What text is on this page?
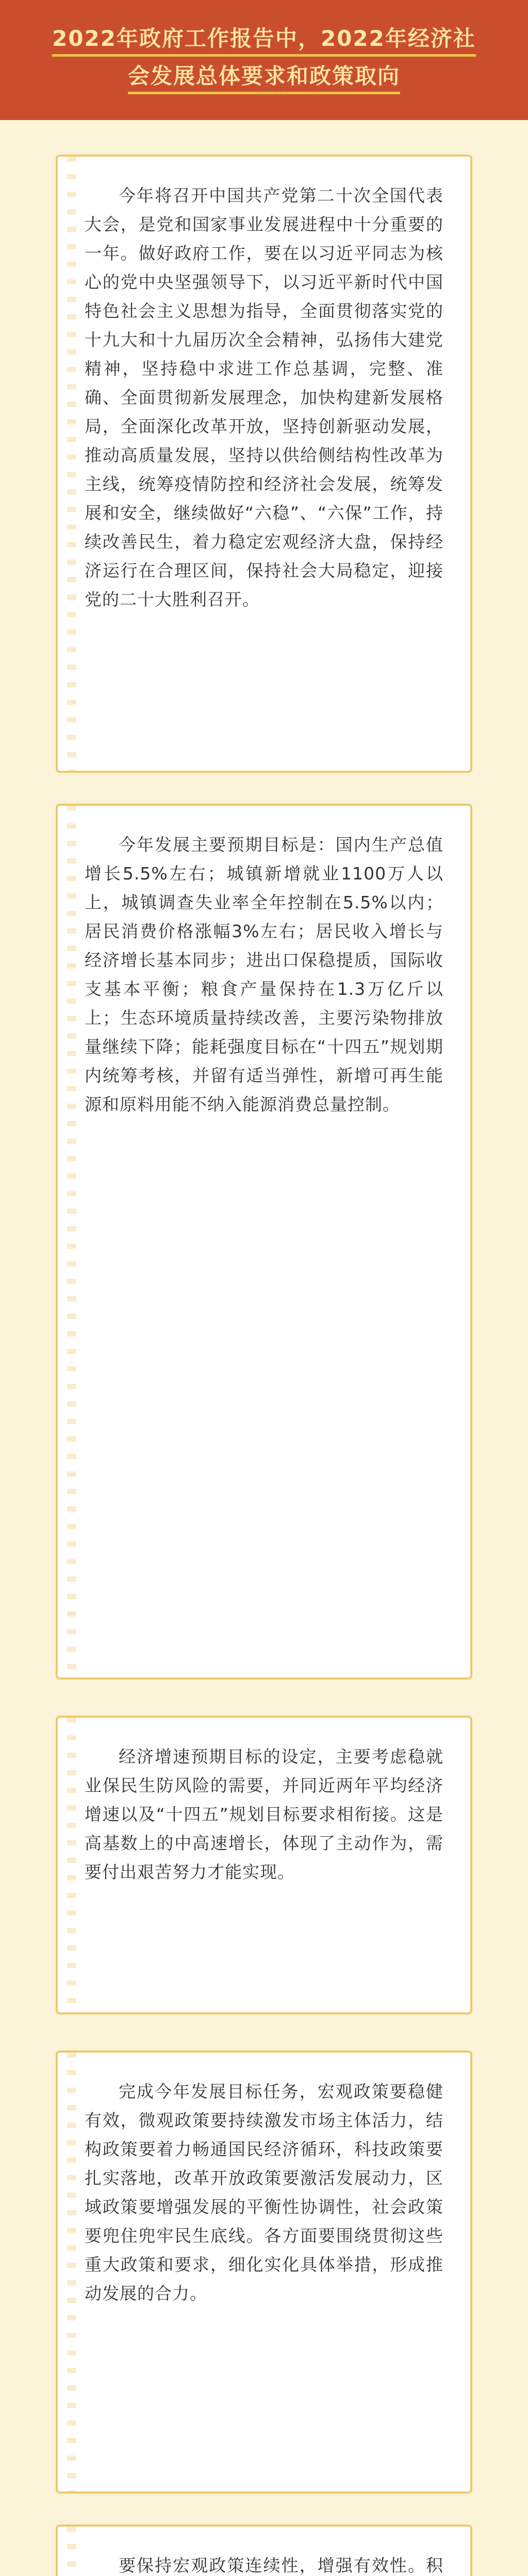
2022年政府工作报告中，2022年经济社
会发展总体要求和政策取向

今年将召开中国共产党第二十次全国代表大会，是党和国家事业发展进程中十分重要的一年。做好政府工作，要在以习近平同志为核心的党中央坚强领导下，以习近平新时代中国特色社会主义思想为指导，全面贯彻落实党的十九大和十九届历次全会精神，弘扬伟大建党精神，坚持稳中求进工作总基调，完整、准确、全面贯彻新发展理念，加快构建新发展格局，全面深化改革开放，坚持创新驱动发展，推动高质量发展，坚持以供给侧结构性改革为主线，统筹疫情防控和经济社会发展，统筹发展和安全，继续做好“六稳”、“六保”工作，持续改善民生，着力稳定宏观经济大盘，保持经济运行在合理区间，保持社会大局稳定，迎接党的二十大胜利召开。

今年发展主要预期目标是：国内生产总值增长5.5%左右；城镇新增就业1100万人以上，城镇调查失业率全年控制在5.5%以内；居民消费价格涨幅3%左右；居民收入增长与经济增长基本同步；进出口保稳提质，国际收支基本平衡；粮食产量保持在1.3万亿斤以上；生态环境质量持续改善，主要污染物排放量继续下降；能耗强度目标在“十四五”规划期内统筹考核，并留有适当弹性，新增可再生能源和原料用能不纳入能源消费总量控制。

经济增速预期目标的设定，主要考虑稳就业保民生防风险的需要，并同近两年平均经济增速以及“十四五”规划目标要求相衔接。这是高基数上的中高速增长，体现了主动作为，需要付出艰苦努力才能实现。

完成今年发展目标任务，宏观政策要稳健有效，微观政策要持续激发市场主体活力，结构政策要着力畅通国民经济循环，科技政策要扎实落地，改革开放政策要激活发展动力，区域政策要增强发展的平衡性协调性，社会政策要兜住兜牢民生底线。各方面要围绕贯彻这些重大政策和要求，细化实化具体举措，形成推动发展的合力。

要保持宏观政策连续性，增强有效性。积
